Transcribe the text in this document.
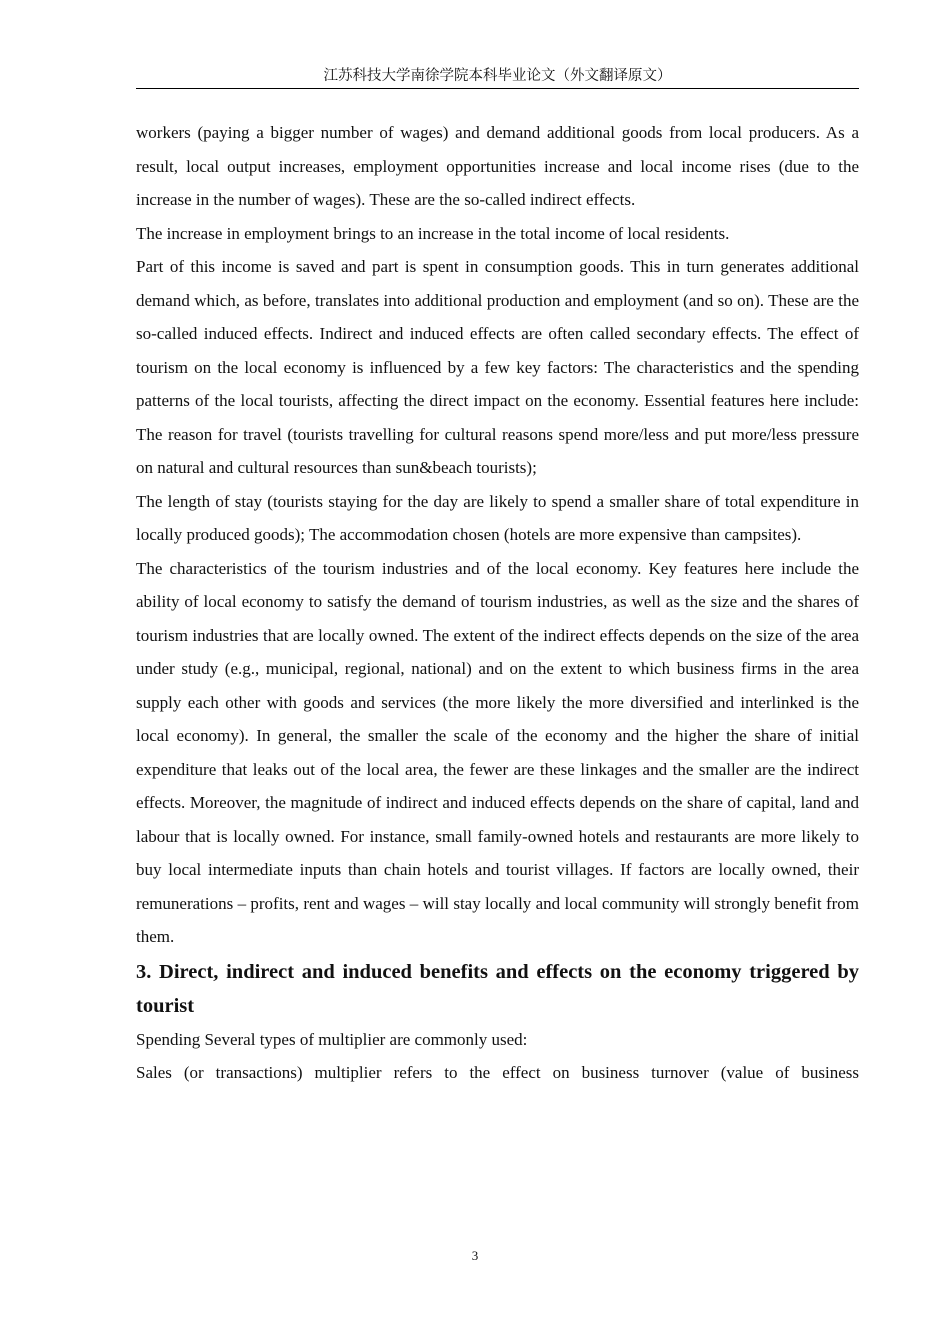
江苏科技大学南徐学院本科毕业论文（外文翻译原文）

workers (paying a bigger number of wages) and demand additional goods from local producers. As a result, local output increases, employment opportunities increase and local income rises (due to the increase in the number of wages). These are the so-called indirect effects.

The increase in employment brings to an increase in the total income of local residents.

Part of this income is saved and part is spent in consumption goods. This in turn generates additional demand which, as before, translates into additional production and employment (and so on). These are the so-called induced effects. Indirect and induced effects are often called secondary effects. The effect of tourism on the local economy is influenced by a few key factors: The characteristics and the spending patterns of the local tourists, affecting the direct impact on the economy. Essential features here include: The reason for travel (tourists travelling for cultural reasons spend more/less and put more/less pressure on natural and cultural resources than sun&beach tourists);

The length of stay (tourists staying for the day are likely to spend a smaller share of total expenditure in locally produced goods); The accommodation chosen (hotels are more expensive than campsites).

The characteristics of the tourism industries and of the local economy. Key features here include the ability of local economy to satisfy the demand of tourism industries, as well as the size and the shares of tourism industries that are locally owned. The extent of the indirect effects depends on the size of the area under study (e.g., municipal, regional, national) and on the extent to which business firms in the area supply each other with goods and services (the more likely the more diversified and interlinked is the local economy). In general, the smaller the scale of the economy and the higher the share of initial expenditure that leaks out of the local area, the fewer are these linkages and the smaller are the indirect effects. Moreover, the magnitude of indirect and induced effects depends on the share of capital, land and labour that is locally owned. For instance, small family-owned hotels and restaurants are more likely to buy local intermediate inputs than chain hotels and tourist villages. If factors are locally owned, their remunerations – profits, rent and wages – will stay locally and local community will strongly benefit from them.

3. Direct, indirect and induced benefits and effects on the economy triggered by tourist

Spending Several types of multiplier are commonly used:

Sales (or transactions) multiplier refers to the effect on business turnover (value of business

3
